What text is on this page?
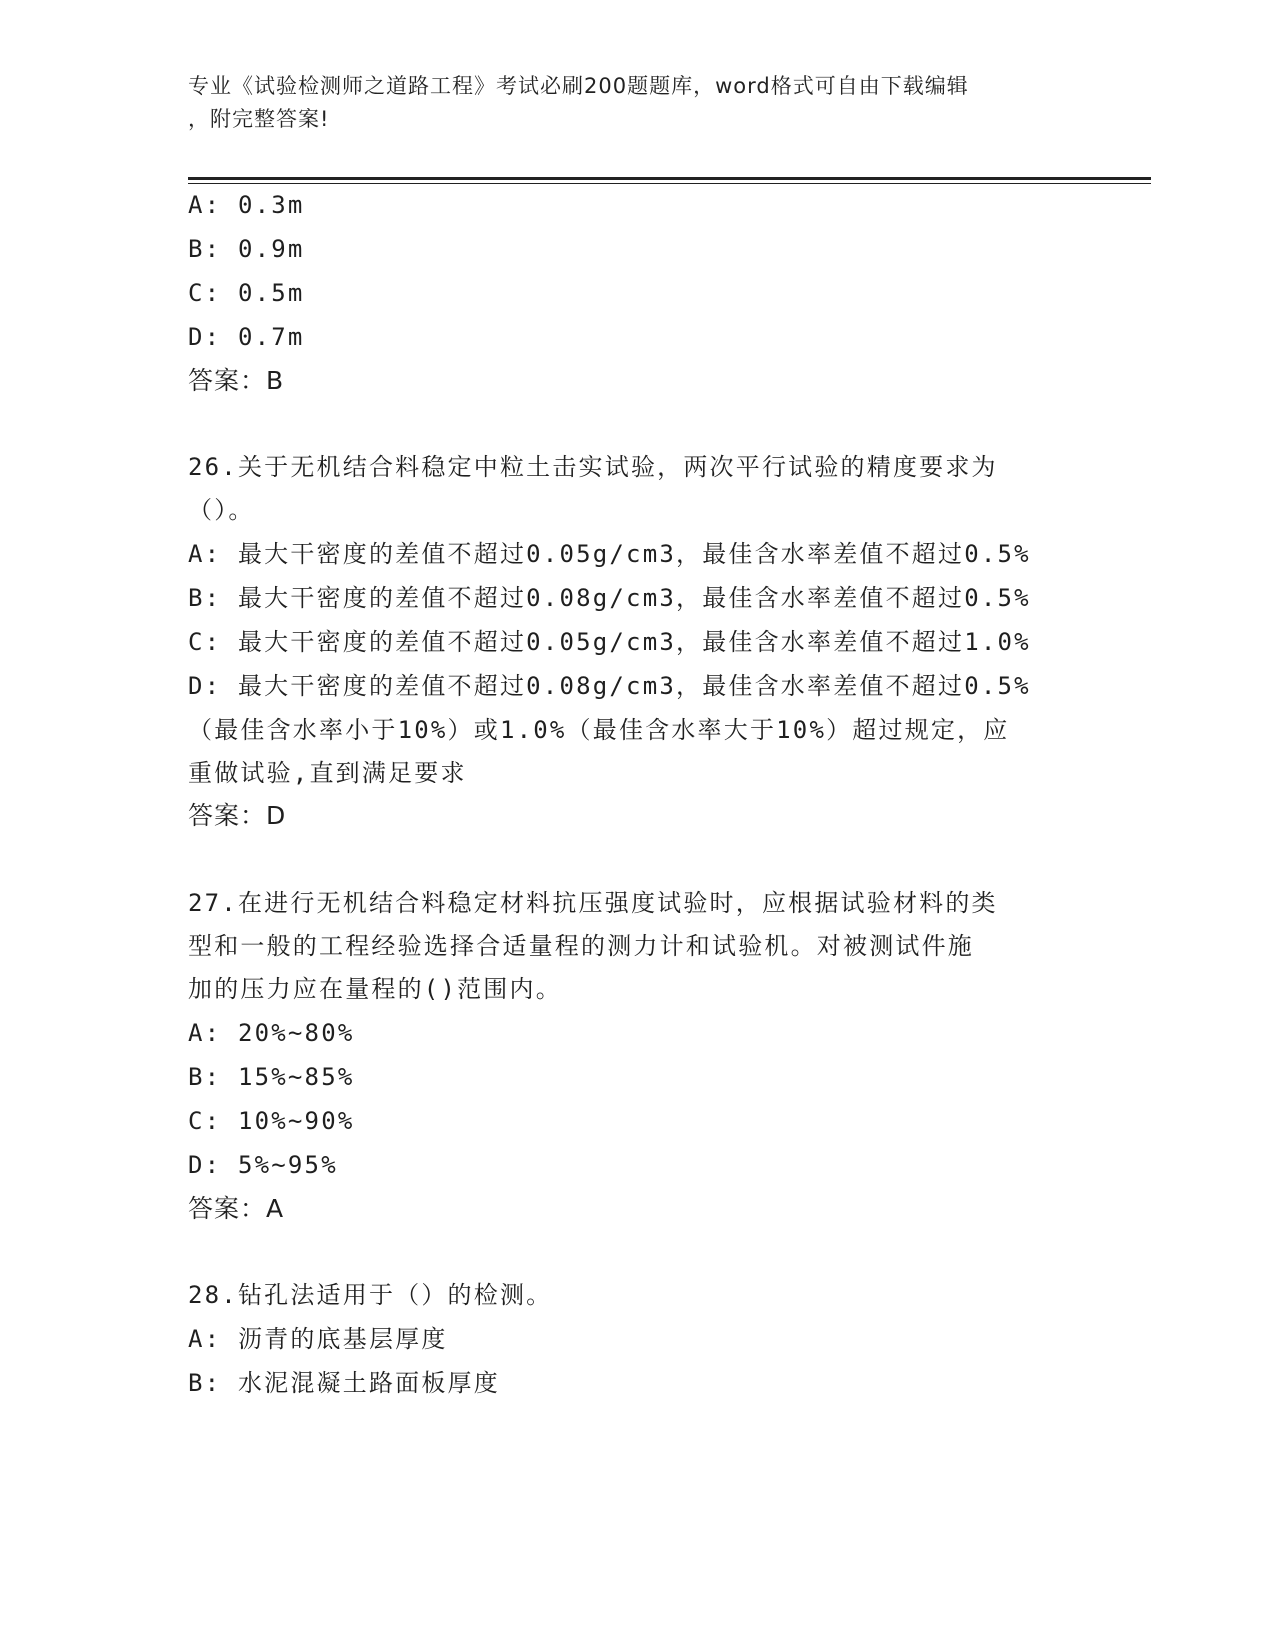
专业《试验检测师之道路工程》考试必刷200题题库，word格式可自由下载编辑
，附完整答案!
A: 0.3m
B: 0.9m
C: 0.5m
D: 0.7m
答案：B
26.关于无机结合料稳定中粒土击实试验，两次平行试验的精度要求为
（）。
A: 最大干密度的差值不超过0.05g/cm3，最佳含水率差值不超过0.5%
B: 最大干密度的差值不超过0.08g/cm3，最佳含水率差值不超过0.5%
C: 最大干密度的差值不超过0.05g/cm3，最佳含水率差值不超过1.0%
D: 最大干密度的差值不超过0.08g/cm3，最佳含水率差值不超过0.5%
（最佳含水率小于10%）或1.0%（最佳含水率大于10%）超过规定，应
重做试验,直到满足要求
答案：D
27.在进行无机结合料稳定材料抗压强度试验时，应根据试验材料的类
型和一般的工程经验选择合适量程的测力计和试验机。对被测试件施
加的压力应在量程的()范围内。
A: 20%~80%
B: 15%~85%
C: 10%~90%
D: 5%~95%
答案：A
28.钻孔法适用于（）的检测。
A: 沥青的底基层厚度
B: 水泥混凝土路面板厚度
